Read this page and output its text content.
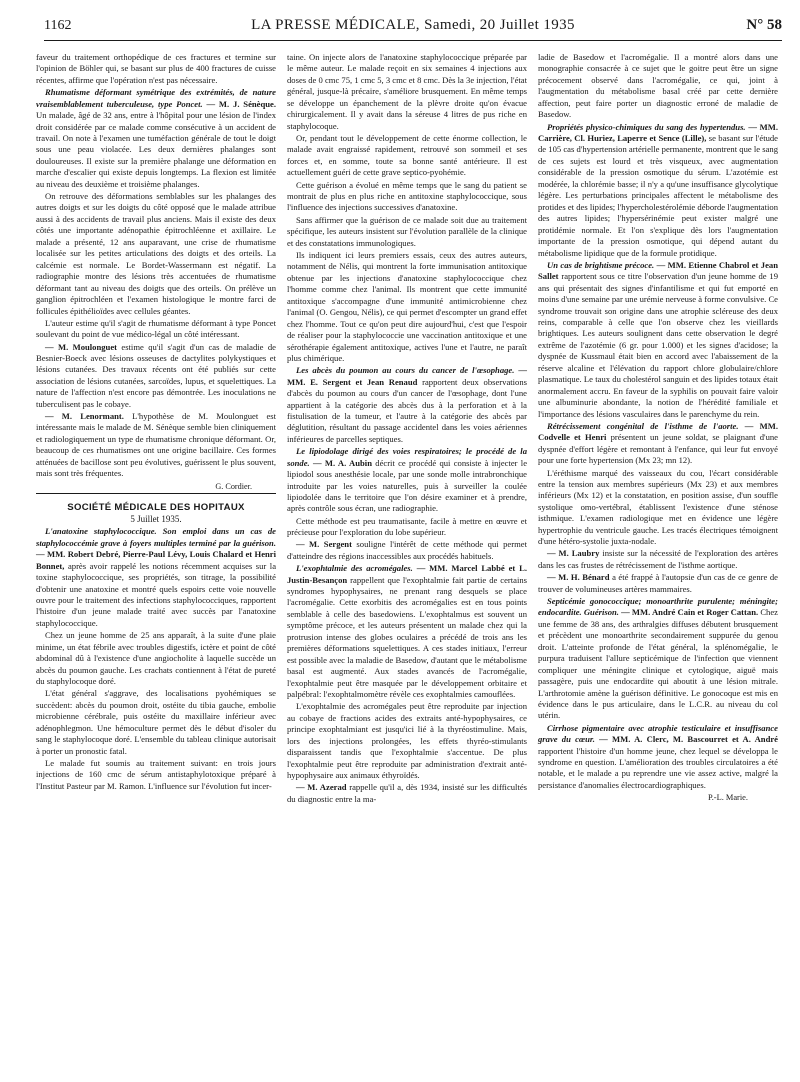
1162	LA PRESSE MÉDICALE, Samedi, 20 Juillet 1935	N° 58

faveur du traitement orthopédique de ces fractures et termine sur l'opinion de Böhler qui, se basant sur plus de 400 fractures de cuisse récentes, affirme que l'opération n'est pas nécessaire.

Rhumatisme déformant symétrique des extrémités, de nature vraisemblablement tuberculeuse, type Poncet. — M. J. Sénèque. Un malade, âgé de 32 ans, entre à l'hôpital pour une lésion de l'index droit considérée par ce malade comme consécutive à un accident de travail. On note à l'examen une tuméfaction générale de tout le doigt sous une peau violacée. Les deux dernières phalanges sont douloureuses. Il existe sur la première phalange une déformation en marche d'escalier qui existe depuis longtemps. La flexion est limitée au niveau des deuxième et troisième phalanges.

On retrouve des déformations semblables sur les phalanges des autres doigts et sur les doigts du côté opposé que le malade attribue aussi à des accidents de travail plus anciens. Mais il existe des deux côtés une importante adénopathie épitrochléenne et axillaire. Le malade a présenté, 12 ans auparavant, une crise de rhumatisme localisée sur les petites articulations des doigts et des orteils. La calcémie est normale. Le Bordet-Wassermann est négatif. La radiographie montre des lésions très accentuées de rhumatisme déformant tant au niveau des doigts que des orteils. On prélève un ganglion épitrochléen et l'examen histologique le montre farci de follicules épithélioïdes avec cellules géantes.

L'auteur estime qu'il s'agit de rhumatisme déformant à type Poncet soulevant du point de vue médico-légal un côté intéressant.

— M. Moulonguet estime qu'il s'agit d'un cas de maladie de Besnier-Boeck avec lésions osseuses de dactylites polykystiques et lésions cutanées. Des travaux récents ont été publiés sur cette association de lésions cutanées, sarcoïdes, lupus, et squelettiques. La nature de l'affection n'est encore pas démontrée. Les inoculations ne tuberculisent pas le cobaye.

— M. Lenormant. L'hypothèse de M. Moulonguet est intéressante mais le malade de M. Sénèque semble bien cliniquement et radiologiquement un type de rhumatisme chronique déformant. Or, beaucoup de ces rhumatismes ont une origine bacillaire. Ces formes atténuées de bacillose sont peu évolutives, guérissent le plus souvent, mais sont très fréquentes.

G. Cordier.

SOCIÉTÉ MÉDICALE DES HOPITAUX

5 Juillet 1935.

L'anatoxine staphylococcique. Son emploi dans un cas de staphylococcémie grave à foyers multiples terminé par la guérison. — MM. Robert Debré, Pierre-Paul Lévy, Louis Chalard et Henri Bonnet, après avoir rappelé les notions récemment acquises sur la toxine staphylococcique, ses propriétés, son titrage, la possibilité d'obtenir une anatoxine et montré quels espoirs cette voie nouvelle ouvre pour le traitement des infections staphylococciques, rapportent l'histoire d'un jeune malade traité avec succès par l'anatoxine staphylococcique.

Chez un jeune homme de 25 ans apparaît, à la suite d'une plaie minime, un état fébrile avec troubles digestifs, ictère et point de côté abdominal dû à l'existence d'une angiocholite à laquelle succède un abcès du poumon gauche. Les crachats contiennent à l'état de pureté du staphylocoque doré.

L'état général s'aggrave, des localisations pyohémiques se succèdent: abcès du poumon droit, ostéite du tibia gauche, embolie microbienne cérébrale, puis ostéite du maxillaire inférieur avec adénophlegmon. Une hémoculture permet dès le début d'isoler du sang le staphylocoque doré. L'ensemble du tableau clinique autorisait à porter un pronostic fatal.

Le malade fut soumis au traitement suivant: en trois jours injections de 160 cmc de sérum antistaphylotoxique préparé à l'Institut Pasteur par M. Ramon. L'influence sur l'évolution fut incer-

taine. On injecte alors de l'anatoxine staphylococcique préparée par le même auteur. Le malade reçoit en six semaines 4 injections aux doses de 0 cmc 75, 1 cmc 5, 3 cmc et 8 cmc. Dès la 3e injection, l'état général, jusque-là précaire, s'améliore brusquement. En même temps se développe un épanchement de la plèvre droite qu'on évacue chirurgicalement. Il y avait dans la séreuse 4 litres de pus riche en staphylocoque.

Or, pendant tout le développement de cette énorme collection, le malade avait engraissé rapidement, retrouvé son sommeil et ses forces et, en somme, toute sa bonne santé antérieure. Il est actuellement guéri de cette grave septico-pyohémie.

Cette guérison a évolué en même temps que le sang du patient se montrait de plus en plus riche en antitoxine staphylococcique, sous l'influence des injections successives d'anatoxine.

Sans affirmer que la guérison de ce malade soit due au traitement spécifique, les auteurs insistent sur l'évolution parallèle de la clinique et des constatations immunologiques.

Ils indiquent ici leurs premiers essais, ceux des autres auteurs, notamment de Nélis, qui montrent la forte immunisation antitoxique obtenue par les injections d'anatoxine staphylococcique chez l'homme comme chez l'animal. Ils montrent que cette immunité antitoxique s'accompagne d'une immunité antimicrobienne chez l'animal (O. Gengou, Nélis), ce qui permet d'escompter un grand effet chez l'homme. Tout ce qu'on peut dire aujourd'hui, c'est que l'espoir de réaliser pour la staphylococcie une vaccination antitoxique et une sérothérapie également antitoxique, actives l'une et l'autre, ne paraît plus chimérique.

Les abcès du poumon au cours du cancer de l'œsophage. — MM. E. Sergent et Jean Renaud rapportent deux observations d'abcès du poumon au cours d'un cancer de l'œsophage, dont l'une appartient à la catégorie des abcès dus à la perforation et à la fistulisation de la tumeur, et l'autre à la catégorie des abcès par déglutition, résultant du passage accidentel dans les voies aériennes inférieures de parcelles septiques.

Le lipiodolage dirigé des voies respiratoires; le procédé de la sonde. — M. A. Aubin décrit ce procédé qui consiste à injecter le lipiodol sous anesthésie locale, par une sonde molle intrabronchique introduite par les voies naturelles, puis à surveiller la coulée lipiodolée dans le territoire que l'on désire examiner et à prendre, après contrôle sous écran, une radiographie.

Cette méthode est peu traumatisante, facile à mettre en œuvre et précieuse pour l'exploration du lobe supérieur.

— M. Sergent souligne l'intérêt de cette méthode qui permet d'atteindre des régions inaccessibles aux procédés habituels.

L'exophtalmie des acromégales. — MM. Marcel Labbé et L. Justin-Besançon rappellent que l'exophtalmie fait partie de certains syndromes hypophysaires, ne prenant rang desquels se place l'acromégalie. Cette exorbitis des acromégalies est en tous points semblable à celle des basedowiens. L'exophtalmus est souvent un symptôme précoce, et les auteurs présentent un malade chez qui la protrusion intense des globes oculaires a précédé de trois ans les premières déformations squelettiques. A ces stades initiaux, l'erreur est possible avec la maladie de Basedow, d'autant que le métabolisme basal est augmenté. Aux stades avancés de l'acromégalie, l'exophtalmie peut être masquée par le développement orbitaire et palpébral: l'exophtalmomètre révèle ces exophtalmies camouflées.

L'exophtalmie des acromégales peut être reproduite par injection au cobaye de fractions acides des extraits anté-hypophysaires, ce principe exophtalmiant est jusqu'ici lié à la thyréostimuline. Mais, lors des injections prolongées, les effets thyréo-stimulants disparaissent tandis que l'exophtalmie s'accentue. De plus l'exophtalmie peut être reproduite par administration d'extrait anté-hypophysaire aux animaux éthyroïdés.

— M. Azerad rappelle qu'il a, dès 1934, insisté sur les difficultés du diagnostic entre la ma-

ladie de Basedow et l'acromégalie. Il a montré alors dans une monographie consacrée à ce sujet que le goitre peut être un signe précocement observé dans l'acromégalie, ce qui, joint à l'augmentation du métabolisme basal créé par cette dernière affection, peut faire porter un diagnostic erroné de maladie de Basedow.

Propriétés physico-chimiques du sang des hypertendus. — MM. Carrière, Cl. Huriez, Laperre et Sence (Lille), se basant sur l'étude de 105 cas d'hypertension artérielle permanente, montrent que le sang de ces sujets est lourd et très visqueux, avec augmentation considérable de la pression osmotique du sérum. L'azotémie est modérée, la chlorémie basse; il n'y a qu'une insuffisance glycolytique légère. Les perturbations principales affectent le métabolisme des protides et des lipides; l'hypercholestérolémie déborde l'augmentation des autres lipides; l'hypersérinémie peut exister malgré une protidémie normale. Et l'on s'explique dès lors l'augmentation importante de la pression osmotique, qui dépend autant du métabolisme lipidique que de la formule protidique.

Un cas de brightisme précoce. — MM. Etienne Chabrol et Jean Sallet rapportent sous ce titre l'observation d'un jeune homme de 19 ans qui présentait des signes d'infantilisme et qui fut emporté en moins d'une semaine par une urémie nerveuse à forme convulsive. Ce syndrome trouvait son origine dans une atrophie scléreuse des deux reins, comparable à celle que l'on observe chez les vieillards brightiques. Les auteurs soulignent dans cette observation le degré extrême de l'azotémie (6 gr. pour 1.000) et les signes d'acidose; la dyspnée de Kussmaul était bien en accord avec l'abaissement de la réserve alcaline et l'élévation du rapport chlore globulaire/chlore plasmatique. Le taux du cholestérol sanguin et des lipides totaux était anormalement accru. En faveur de la syphilis on pouvait faire valoir une albuminurie abondante, la notion de l'hérédité familiale et l'importance des lésions vasculaires dans le parenchyme du rein.

Rétrécissement congénital de l'isthme de l'aorte. — MM. Codvelle et Henri présentent un jeune soldat, se plaignant d'une dyspnée d'effort légère et remontant à l'enfance, qui leur fut envoyé pour une forte hypertension (Mx 23; mn 12).

L'éréthisme marqué des vaisseaux du cou, l'écart considérable entre la tension aux membres supérieurs (Mx 23) et aux membres inférieurs (Mx 12) et la constatation, en position assise, d'un souffle systolique omo-vertébral, établissent l'existence d'une sténose isthmique. L'examen radiologique met en évidence une légère hypertrophie du ventricule gauche. Les tracés électriques témoignent d'une hétéro-systolie juxta-nodale.

— M. Laubry insiste sur la nécessité de l'exploration des artères dans les cas frustes de rétrécissement de l'isthme aortique.

— M. H. Bénard a été frappé à l'autopsie d'un cas de ce genre de trouver de volumineuses artères mammaires.

Septicémie gonococcique; monoarthrite purulente; méningite; endocardite. Guérison. — MM. André Cain et Roger Cattan. Chez une femme de 38 ans, des arthralgies diffuses débutent brusquement et précèdent une monoarthrite secondairement suppurée du genou droit. L'atteinte profonde de l'état général, la splénomégalie, le purpura traduisent l'allure septicémique de l'infection que viennent compliquer une méningite clinique et cytologique, aiguë mais passagère, puis une endocardite qui aboutit à une lésion mitrale. L'arthrotomie amène la guérison définitive. Le gonocoque est mis en évidence dans le pus articulaire, dans le L.C.R. au niveau du col utérin.

Cirrhose pigmentaire avec atrophie testiculaire et insuffisance grave du cœur. — MM. A. Clerc, M. Bascourret et A. André rapportent l'histoire d'un homme jeune, chez lequel se développa le syndrome en question. L'amélioration des troubles circulatoires a été notable, et le malade a pu reprendre une vie assez active, malgré la persistance d'anomalies électrocardiographiques.

P.-L. Marie.
